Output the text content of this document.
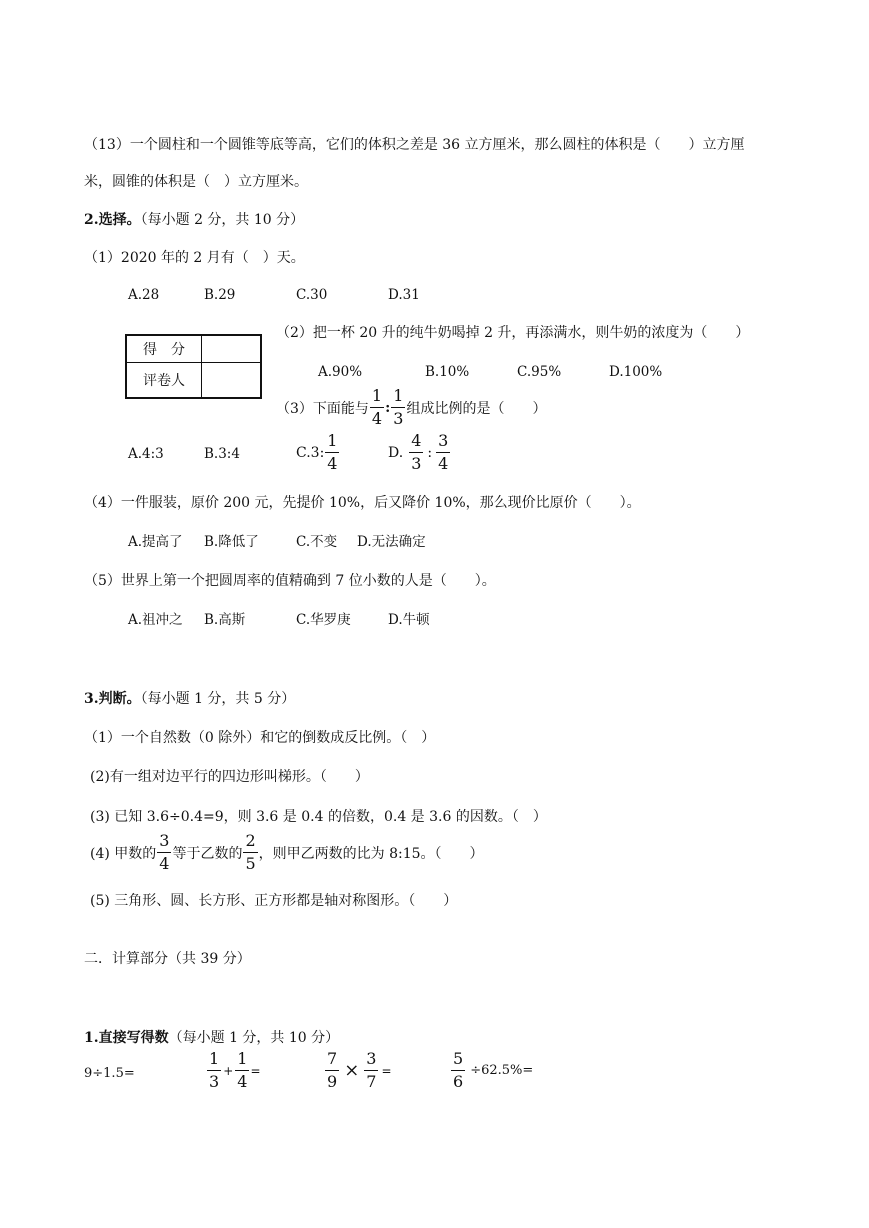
（13）一个圆柱和一个圆锥等底等高，它们的体积之差是 36 立方厘米，那么圆柱的体积是（　　）立方厘
米，圆锥的体积是（　）立方厘米。
2.选择。（每小题 2 分，共 10 分）
（1）2020 年的 2 月有（　）天。
A.28	B.29	C.30	D.31
得　分	
评卷人	
（2）把一杯 20 升的纯牛奶喝掉 2 升，再添满水，则牛奶的浓度为（　　）
A.90%	B.10%	C.95%	D.100%
（3）下面能与 $\frac{1}{4}$ : $\frac{1}{3}$ 组成比例的是（　　）
A.4:3	B.3:4	C.3: $\frac{1}{4}$	D. $\frac{4}{3}$ : $\frac{3}{4}$
（4）一件服装，原价 200 元，先提价 10%，后又降价 10%，那么现价比原价（　　）。
A.提高了 B.降低了	C.不变 D.无法确定
（5）世界上第一个把圆周率的值精确到 7 位小数的人是（　　）。
A.祖冲之 B.高斯	C.华罗庚	D.牛顿
3.判断。（每小题 1 分，共 5 分）
（1）一个自然数（0 除外）和它的倒数成反比例。（　）
(2)有一组对边平行的四边形叫梯形。（　　）
(3) 已知 3.6÷0.4=9，则 3.6 是 0.4 的倍数，0.4 是 3.6 的因数。（　）
(4) 甲数的 $\frac{3}{4}$ 等于乙数的 $\frac{2}{5}$ ，则甲乙两数的比为 8:15。（　　）
(5) 三角形、圆、长方形、正方形都是轴对称图形。（　　）
二．计算部分（共 39 分）
1.直接写得数（每小题 1 分，共 10 分）
9÷1.5=	$\frac{1}{3} + \frac{1}{4}$ =	$\frac{7}{9} \times \frac{3}{7}$ =	$\frac{5}{6} \div 62.5\%=$
